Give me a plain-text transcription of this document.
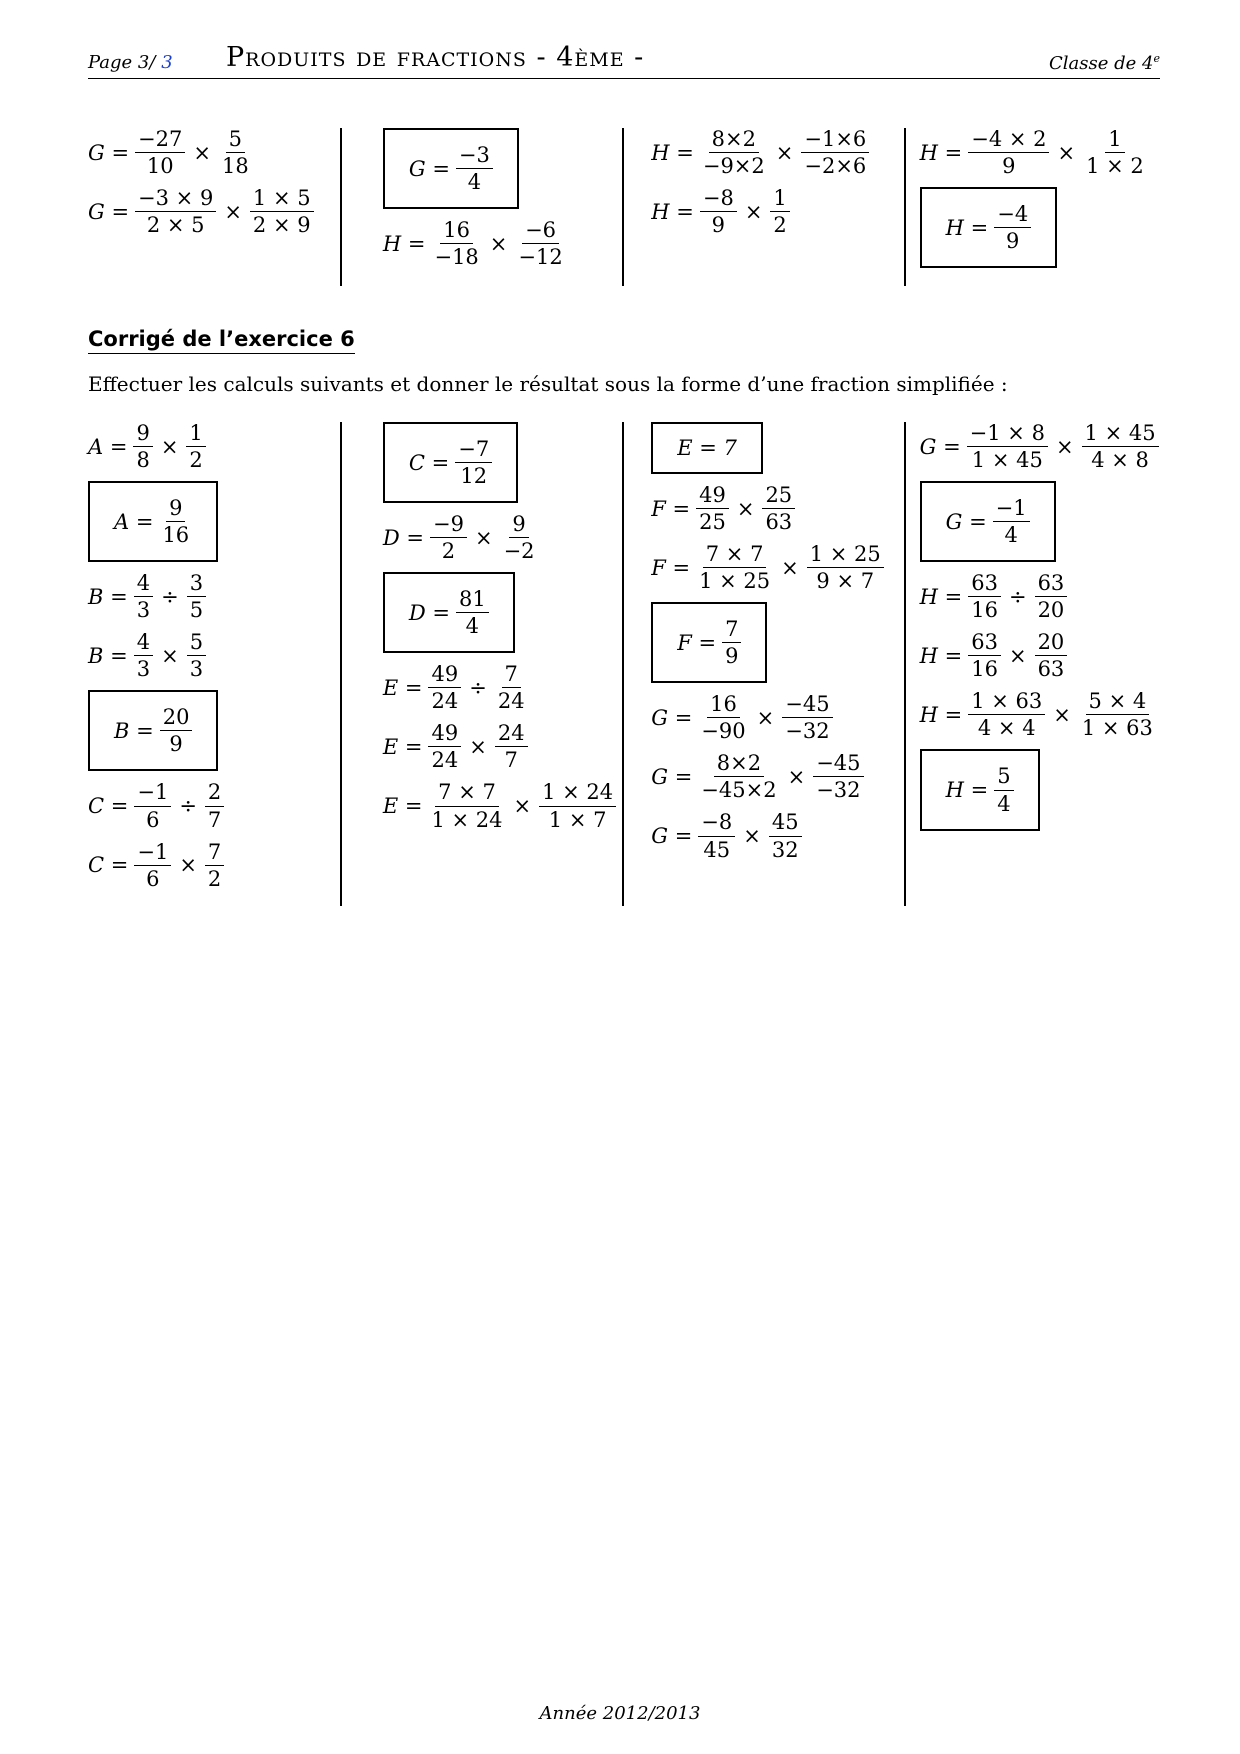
Page 3/ 3 Produits de fractions - 4ème -	Classe de 4e
$G = \frac{-27}{10} \times \frac{5}{18}$
$G = \frac{-3 \times 9}{2 \times 5} \times \frac{1 \times 5}{2 \times 9}$
$G = \frac{-3}{4}$
$H = \frac{16}{-18} \times \frac{-6}{-12}$
$H = \frac{8\times 2}{-9\times 2} \times \frac{-1\times 6}{-2\times 6}$
$H = \frac{-8}{9} \times \frac{1}{2}$
$H = \frac{-4 \times 2}{9} \times \frac{1}{1 \times 2}$
$H = \frac{-4}{9}$
Corrigé de l’exercice 6
Effectuer les calculs suivants et donner le résultat sous la forme d’une fraction simplifiée :
$A = \frac{9}{8} \times \frac{1}{2}$
$A = \frac{9}{16}$
$B = \frac{4}{3} \div \frac{3}{5}$
$B = \frac{4}{3} \times \frac{5}{3}$
$B = \frac{20}{9}$
$C = \frac{-1}{6} \div \frac{2}{7}$
$C = \frac{-1}{6} \times \frac{7}{2}$
$C = \frac{-7}{12}$
$D = \frac{-9}{2} \times \frac{9}{-2}$
$D = \frac{81}{4}$
$E = \frac{49}{24} \div \frac{7}{24}$
$E = \frac{49}{24} \times \frac{24}{7}$
$E = \frac{7 \times 7}{1 \times 24} \times \frac{1 \times 24}{1 \times 7}$
E = 7
$F = \frac{49}{25} \times \frac{25}{63}$
$F = \frac{7 \times 7}{1 \times 25} \times \frac{1 \times 25}{9 \times 7}$
$F = \frac{7}{9}$
$G = \frac{16}{-90} \times \frac{-45}{-32}$
$G = \frac{8\times 2}{-45\times 2} \times \frac{-45}{-32}$
$G = \frac{-8}{45} \times \frac{45}{32}$
$G = \frac{-1 \times 8}{1 \times 45} \times \frac{1 \times 45}{4 \times 8}$
$G = \frac{-1}{4}$
$H = \frac{63}{16} \div \frac{63}{20}$
$H = \frac{63}{16} \times \frac{20}{63}$
$H = \frac{1 \times 63}{4 \times 4} \times \frac{5 \times 4}{1 \times 63}$
$H = \frac{5}{4}$
Année 2012/2013
